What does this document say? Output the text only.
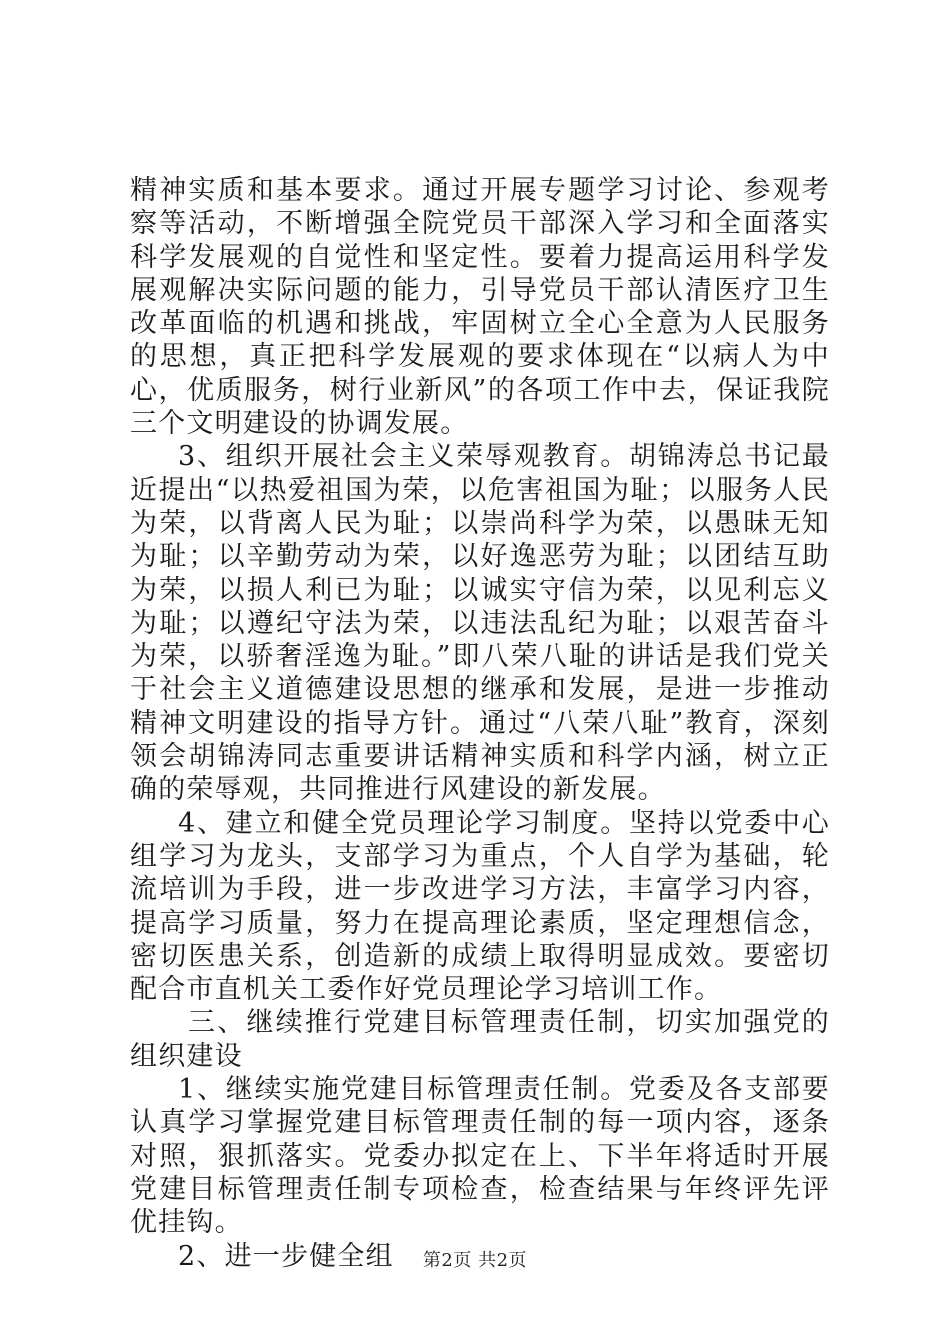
精神实质和基本要求。通过开展专题学习讨论、参观考察等活动，不断增强全院党员干部深入学习和全面落实科学发展观的自觉性和坚定性。要着力提高运用科学发展观解决实际问题的能力，引导党员干部认清医疗卫生改革面临的机遇和挑战，牢固树立全心全意为人民服务的思想，真正把科学发展观的要求体现在“以病人为中心，优质服务，树行业新风”的各项工作中去，保证我院三个文明建设的协调发展。

3、组织开展社会主义荣辱观教育。胡锦涛总书记最近提出“以热爱祖国为荣，以危害祖国为耻；以服务人民为荣，以背离人民为耻；以崇尚科学为荣，以愚昧无知为耻；以辛勤劳动为荣，以好逸恶劳为耻；以团结互助为荣，以损人利已为耻；以诚实守信为荣，以见利忘义为耻；以遵纪守法为荣，以违法乱纪为耻；以艰苦奋斗为荣，以骄奢淫逸为耻。”即八荣八耻的讲话是我们党关于社会主义道德建设思想的继承和发展，是进一步推动精神文明建设的指导方针。通过“八荣八耻”教育，深刻领会胡锦涛同志重要讲话精神实质和科学内涵，树立正确的荣辱观，共同推进行风建设的新发展。

4、建立和健全党员理论学习制度。坚持以党委中心组学习为龙头，支部学习为重点，个人自学为基础，轮流培训为手段，进一步改进学习方法，丰富学习内容，提高学习质量，努力在提高理论素质，坚定理想信念，密切医患关系，创造新的成绩上取得明显成效。要密切配合市直机关工委作好党员理论学习培训工作。

三、继续推行党建目标管理责任制，切实加强党的组织建设

1、继续实施党建目标管理责任制。党委及各支部要认真学习掌握党建目标管理责任制的每一项内容，逐条对照，狠抓落实。党委办拟定在上、下半年将适时开展党建目标管理责任制专项检查，检查结果与年终评先评优挂钩。

2、进一步健全组	第2页 共2页
